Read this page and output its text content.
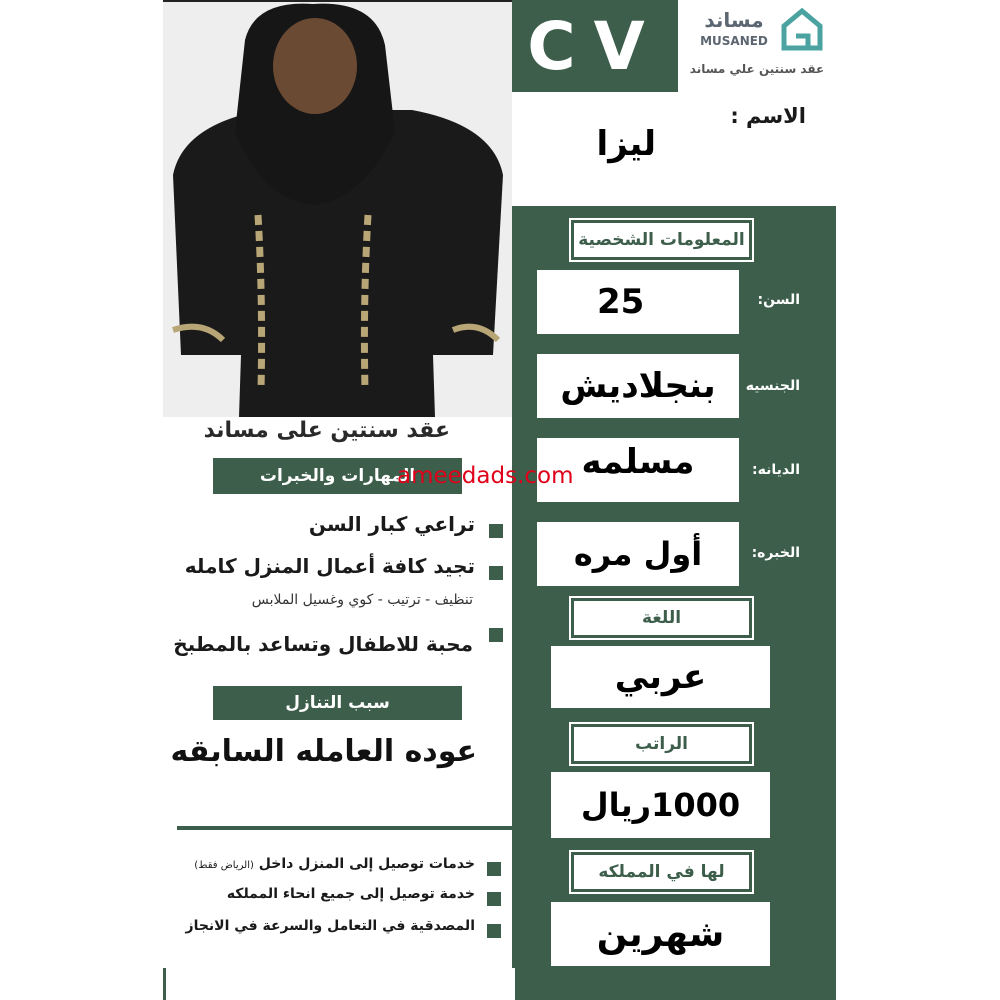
CV	مساند
MUSANED
عقد سنتين علي مساند
الاسم :
ليزا
المعلومات الشخصية
25	السن:
بنجلاديش	الجنسيه
مسلمه	الديانه:
أول مره	الخبره:
اللغة
عربي
الراتب
1000ريال
لها في المملكه
شهرين
عقد سنتين على مساند
المهارات والخبرات
تراعي كبار السن
تجيد كافة أعمال المنزل كامله
تنظيف - ترتيب - كوي وغسيل الملابس
محبة للاطفال وتساعد بالمطبخ
سبب التنازل
عوده العامله السابقه
خدمات توصيل إلى المنزل داخل (الرياض فقط)
خدمة توصيل إلى جميع انحاء المملكه
المصدقية في التعامل والسرعة في الانجاز
ameedads.com
